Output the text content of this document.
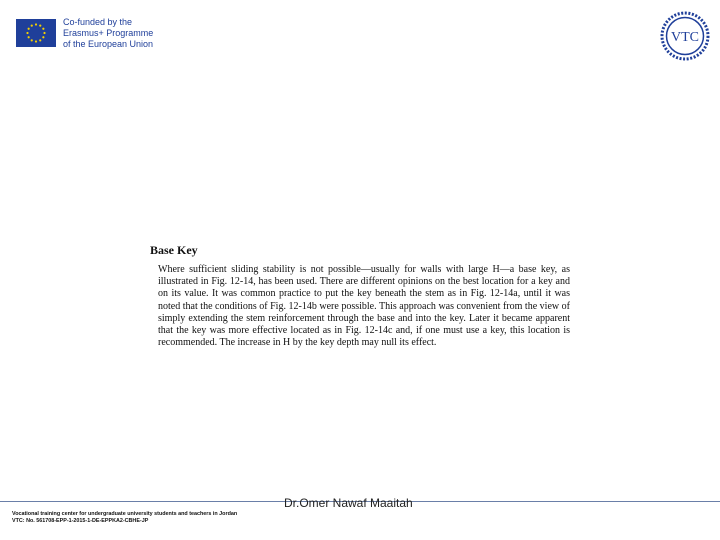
Co-funded by the
Erasmus+ Programme
of the European Union	VTC
Base Key

Where sufficient sliding stability is not possible—usually for walls with large H—a base key, as illustrated in Fig. 12-14, has been used. There are different opinions on the best location for a key and on its value. It was common practice to put the key beneath the stem as in Fig. 12-14a, until it was noted that the conditions of Fig. 12-14b were possible. This approach was convenient from the view of simply extending the stem reinforcement through the base and into the key. Later it became apparent that the key was more effective located as in Fig. 12-14c and, if one must use a key, this location is recommended. The increase in H by the key depth may null its effect.

Vocational training center for undergraduate university students and teachers in Jordan
VTC: No. 561708-EPP-1-2015-1-DE-EPPKA2-CBHE-JP
Dr.Omer Nawaf Maaitah
